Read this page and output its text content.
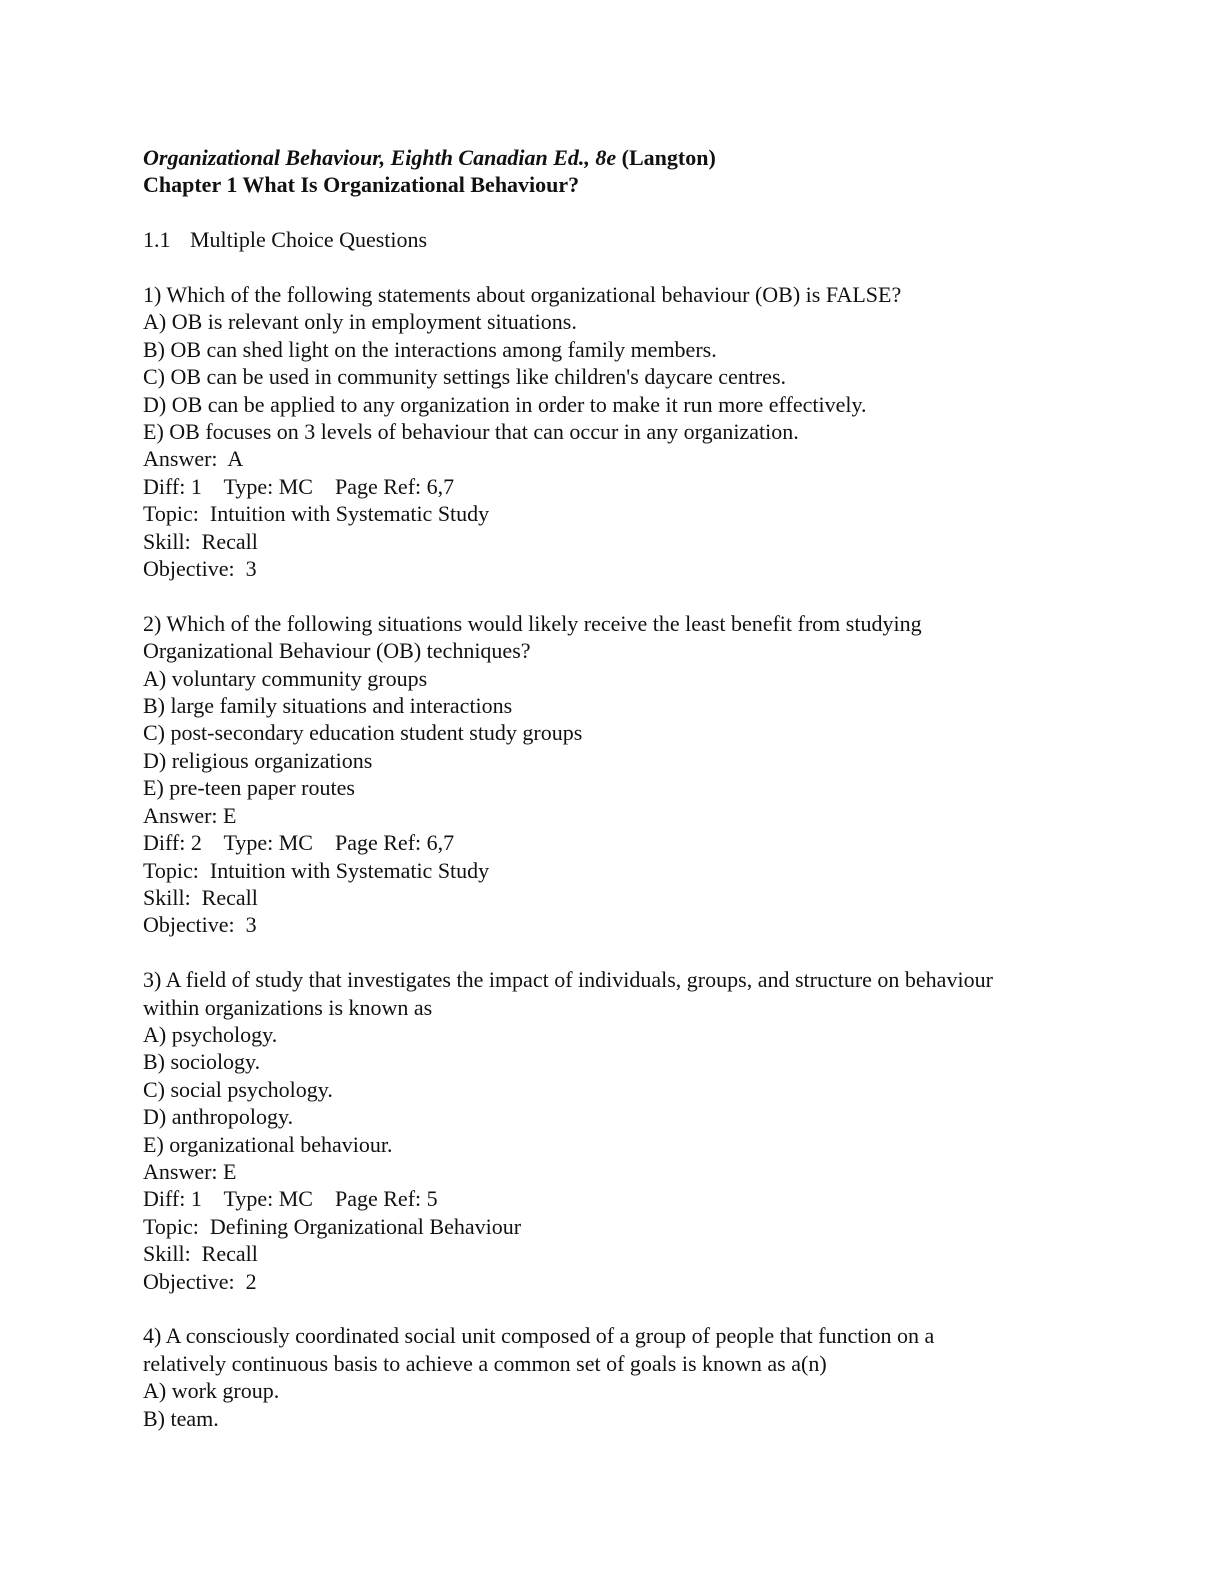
Organizational Behaviour, Eighth Canadian Ed., 8e (Langton)
Chapter 1 What Is Organizational Behaviour?
1.1 Multiple Choice Questions
1) Which of the following statements about organizational behaviour (OB) is FALSE?
A) OB is relevant only in employment situations.
B) OB can shed light on the interactions among family members.
C) OB can be used in community settings like children's daycare centres.
D) OB can be applied to any organization in order to make it run more effectively.
E) OB focuses on 3 levels of behaviour that can occur in any organization.
Answer:  A
Diff: 1    Type: MC    Page Ref: 6,7
Topic:  Intuition with Systematic Study
Skill:  Recall
Objective:  3
2) Which of the following situations would likely receive the least benefit from studying
Organizational Behaviour (OB) techniques?
A) voluntary community groups
B) large family situations and interactions
C) post-secondary education student study groups
D) religious organizations
E) pre-teen paper routes
Answer: E
Diff: 2    Type: MC    Page Ref: 6,7
Topic:  Intuition with Systematic Study
Skill:  Recall
Objective:  3
3) A field of study that investigates the impact of individuals, groups, and structure on behaviour
within organizations is known as
A) psychology.
B) sociology.
C) social psychology.
D) anthropology.
E) organizational behaviour.
Answer: E
Diff: 1    Type: MC    Page Ref: 5
Topic:  Defining Organizational Behaviour
Skill:  Recall
Objective:  2
4) A consciously coordinated social unit composed of a group of people that function on a
relatively continuous basis to achieve a common set of goals is known as a(n)
A) work group.
B) team.
